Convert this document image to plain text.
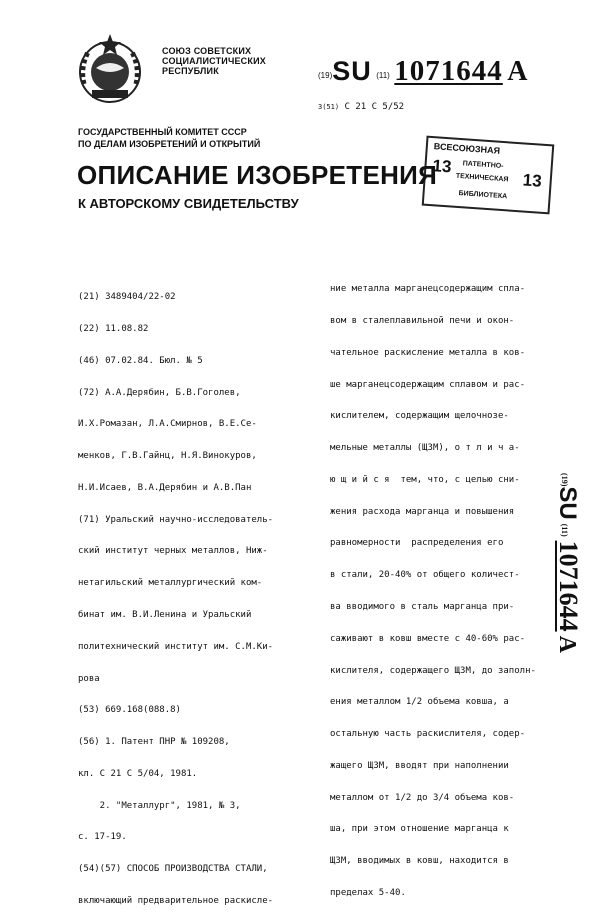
СОЮЗ СОВЕТСКИХ
СОЦИАЛИСТИЧЕСКИХ
РЕСПУБЛИК	(19)SU (11) 1071644 A
3(51) С 21 С 5/52
ГОСУДАРСТВЕННЫЙ КОМИТЕТ СССР
ПО ДЕЛАМ ИЗОБРЕТЕНИЙ И ОТКРЫТИЙ	ВСЕСОЮЗНАЯ
13 ПАТЕНТНО-
ТЕХНИЧЕСКАЯ 13
БИБЛИОТЕКА
ОПИСАНИЕ ИЗОБРЕТЕНИЯ
К АВТОРСКОМУ СВИДЕТЕЛЬСТВУ

(21) 3489404/22-02

(22) 11.08.82

(46) 07.02.84. Бюл. № 5

(72) А.А.Дерябин, Б.В.Гоголев,

И.Х.Ромазан, Л.А.Смирнов, В.Е.Се-

менков, Г.В.Гайнц, Н.Я.Винокуров,

Н.И.Исаев, В.А.Дерябин и А.В.Пан

(71) Уральский научно-исследователь-

ский институт черных металлов, Ниж-

нетагильский металлургический ком-

бинат им. В.И.Ленина и Уральский

политехнический институт им. С.М.Ки-

рова

(53) 669.168(088.8)

(56) 1. Патент ПНР № 109208,

кл. С 21 С 5/04, 1981.

2. "Металлург", 1981, № 3,

с. 17-19.

(54)(57) СПОСОБ ПРОИЗВОДСТВА СТАЛИ,

включающий предварительное раскисле-

ние металла марганецсодержащим спла-

вом в сталеплавильной печи и окон-

чательное раскисление металла в ков-

ше марганецсодержащим сплавом и рас-

кислителем, содержащим щелочнозе-

мельные металлы (ЩЗМ), о т л и ч а-

ю щ и й с я  тем, что, с целью сни-

жения расхода марганца и повышения

равномерности  распределения его

в стали, 20-40% от общего количест-

ва вводимого в сталь марганца при-

саживают в ковш вместе с 40-60% рас-

кислителя, содержащего ЩЗМ, до заполн-

ения металлом 1/2 объема ковша, а

остальную часть раскислителя, содер-

жащего ЩЗМ, вводят при наполнении

металлом от 1/2 до 3/4 объема ков-

ша, при этом отношение марганца к

ЩЗМ, вводимых в ковш, находится в

пределах 5-40.

(19)SU (11) 1071644 A
